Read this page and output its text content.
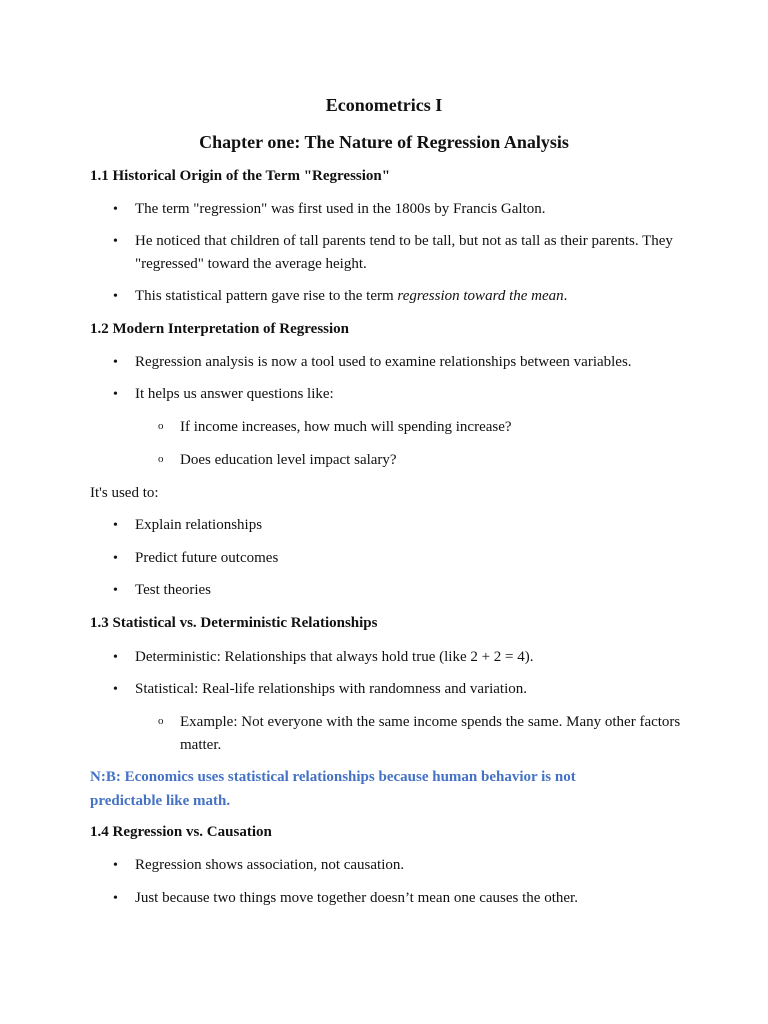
Econometrics I
Chapter one: The Nature of Regression Analysis
1.1 Historical Origin of the Term "Regression"
• The term "regression" was first used in the 1800s by Francis Galton.
• He noticed that children of tall parents tend to be tall, but not as tall as their parents. They "regressed" toward the average height.
• This statistical pattern gave rise to the term regression toward the mean.
1.2 Modern Interpretation of Regression
• Regression analysis is now a tool used to examine relationships between variables.
• It helps us answer questions like:
o If income increases, how much will spending increase?
o Does education level impact salary?
It's used to:
• Explain relationships
• Predict future outcomes
• Test theories
1.3 Statistical vs. Deterministic Relationships
• Deterministic: Relationships that always hold true (like 2 + 2 = 4).
• Statistical: Real-life relationships with randomness and variation.
o Example: Not everyone with the same income spends the same. Many other factors matter.
N:B: Economics uses statistical relationships because human behavior is not predictable like math.
1.4 Regression vs. Causation
• Regression shows association, not causation.
• Just because two things move together doesn’t mean one causes the other.
